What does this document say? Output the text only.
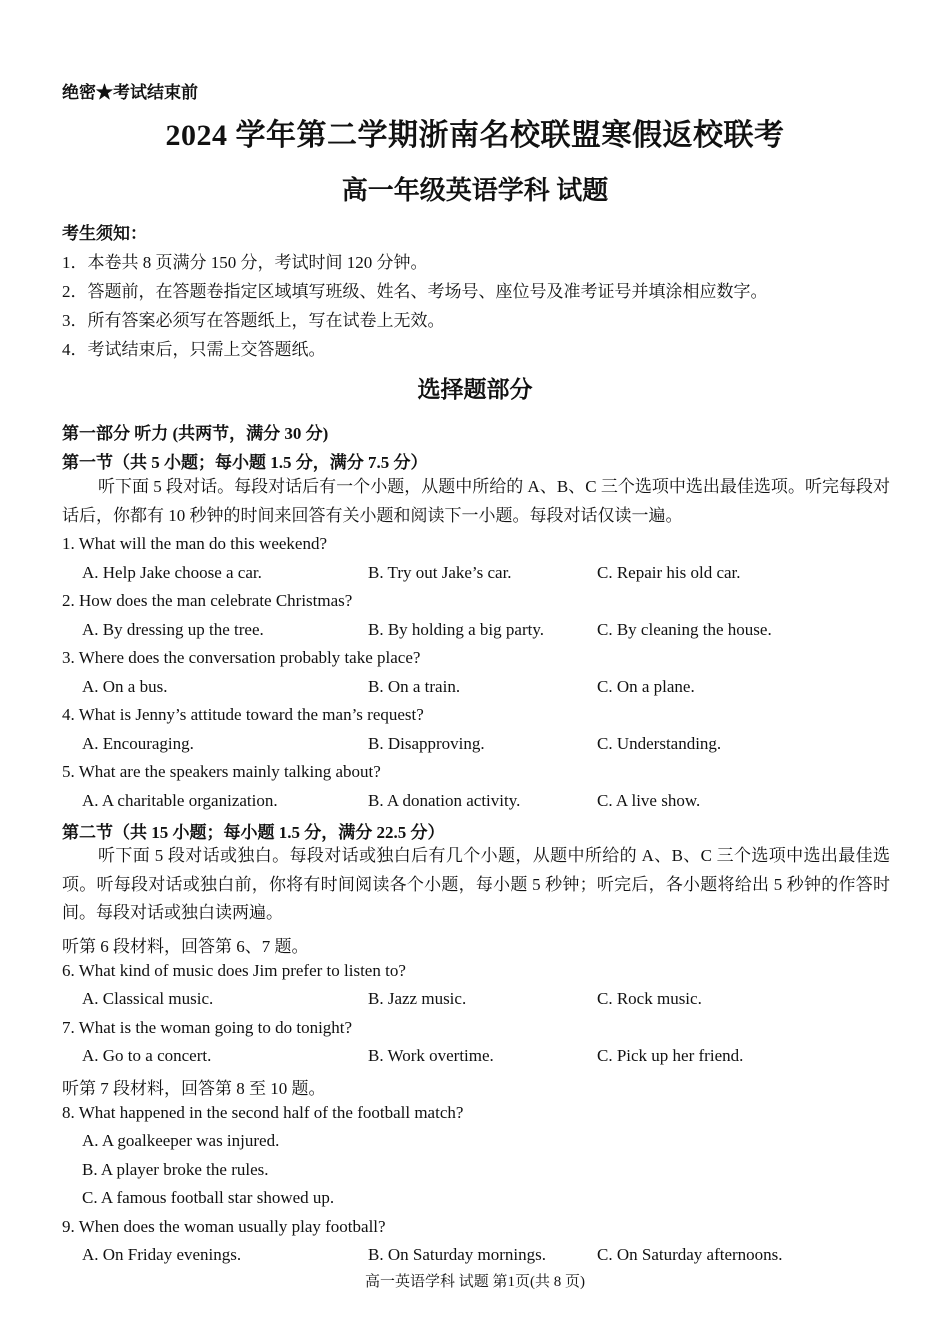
绝密★考试结束前
2024 学年第二学期浙南名校联盟寒假返校联考
高一年级英语学科 试题
考生须知：
1．本卷共 8 页满分 150 分，考试时间 120 分钟。
2．答题前，在答题卷指定区域填写班级、姓名、考场号、座位号及准考证号并填涂相应数字。
3．所有答案必须写在答题纸上，写在试卷上无效。
4．考试结束后，只需上交答题纸。
选择题部分
第一部分 听力 (共两节，满分 30 分)
第一节（共 5 小题；每小题 1.5 分，满分 7.5 分）
听下面 5 段对话。每段对话后有一个小题，从题中所给的 A、B、C 三个选项中选出最佳选项。听完每段对话后，你都有 10 秒钟的时间来回答有关小题和阅读下一小题。每段对话仅读一遍。
1. What will the man do this weekend?
A. Help Jake choose a car.	B. Try out Jake’s car.	C. Repair his old car.
2. How does the man celebrate Christmas?
A. By dressing up the tree.	B. By holding a big party.	C. By cleaning the house.
3. Where does the conversation probably take place?
A. On a bus.	B. On a train.	C. On a plane.
4. What is Jenny’s attitude toward the man’s request?
A. Encouraging.	B. Disapproving.	C. Understanding.
5. What are the speakers mainly talking about?
A. A charitable organization.	B. A donation activity.	C. A live show.
第二节（共 15 小题；每小题 1.5 分，满分 22.5 分）
听下面 5 段对话或独白。每段对话或独白后有几个小题，从题中所给的 A、B、C 三个选项中选出最佳选项。听每段对话或独白前，你将有时间阅读各个小题，每小题 5 秒钟；听完后，各小题将给出 5 秒钟的作答时间。每段对话或独白读两遍。
听第 6 段材料，回答第 6、7 题。
6. What kind of music does Jim prefer to listen to?
A. Classical music.	B. Jazz music.	C. Rock music.
7. What is the woman going to do tonight?
A. Go to a concert.	B. Work overtime.	C. Pick up her friend.
听第 7 段材料，回答第 8 至 10 题。
8. What happened in the second half of the football match?
A. A goalkeeper was injured.
B. A player broke the rules.
C. A famous football star showed up.
9. When does the woman usually play football?
A. On Friday evenings.	B. On Saturday mornings.	C. On Saturday afternoons.
高一英语学科 试题 第1页(共 8 页)
